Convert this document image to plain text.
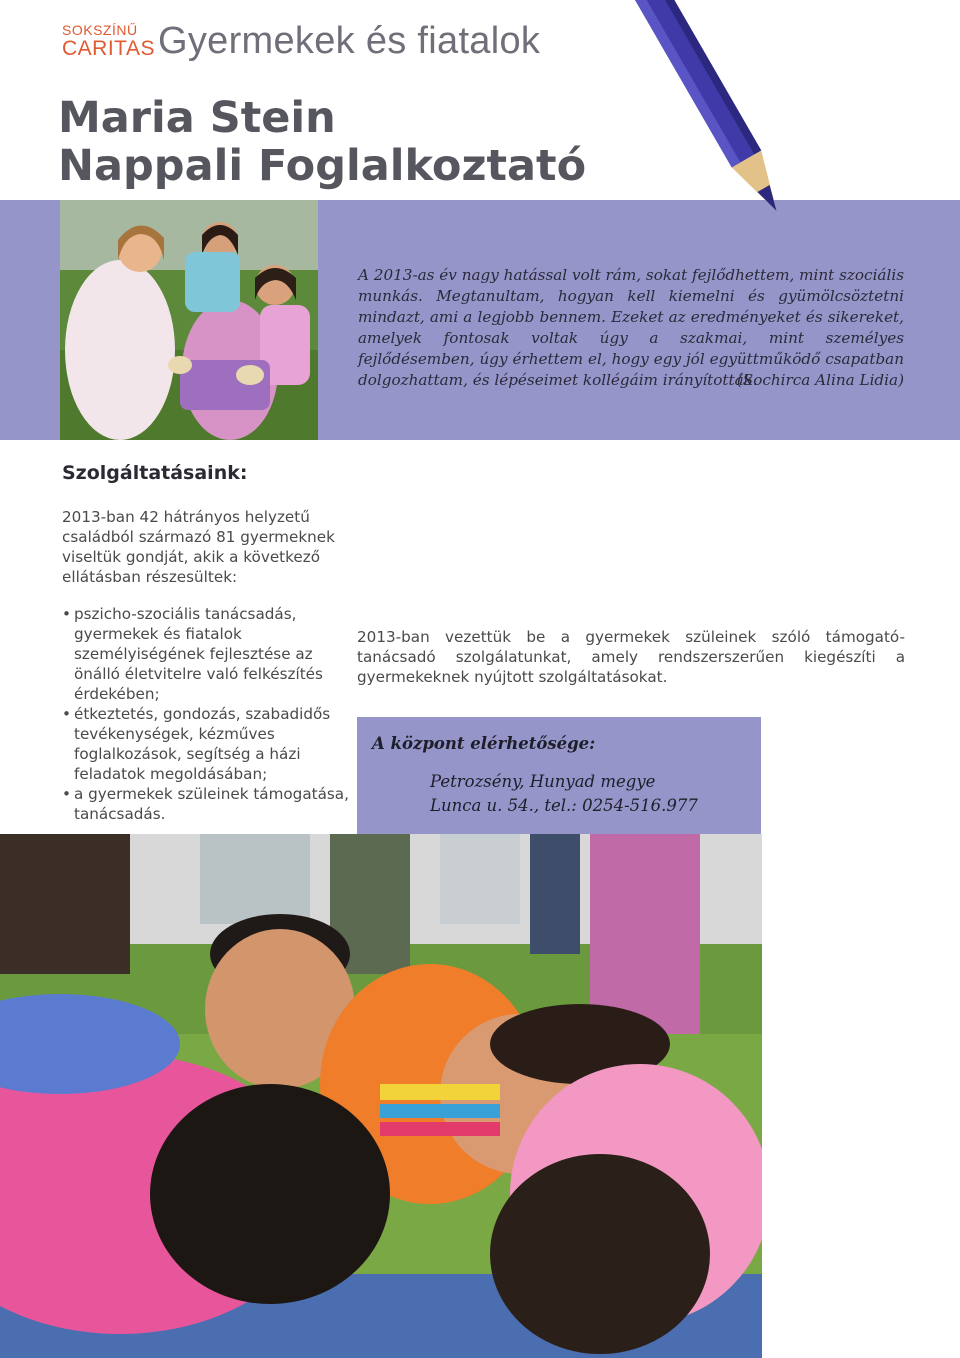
SOKSZÍNŰ
CARITAS Gyermekek és fiatalok
Maria Stein
Nappali Foglalkoztató
A 2013-as év nagy hatással volt rám, sokat fejlődhettem, mint szociális munkás. Megtanultam, hogyan kell kiemelni és gyümölcsöztetni mindazt, ami a legjobb bennem. Ezeket az eredményeket és sikereket, amelyek fontosak voltak úgy a szakmai, mint személyes fejlődésemben, úgy érhettem el, hogy egy jól együttműködő csapatban dolgozhattam, és lépéseimet kollégáim irányították.
(Sochirca Alina Lidia)
Szolgáltatásaink:
2013-ban 42 hátrányos helyzetű családból származó 81 gyermeknek viseltük gondját, akik a következő ellátásban részesültek:
• pszicho-szociális tanácsadás, gyermekek és fiatalok személyiségének fejlesztése az önálló életvitelre való felkészítés érdekében;
• étkeztetés, gondozás, szabadidős tevékenységek, kézműves foglalkozások, segítség a házi feladatok megoldásában;
• a gyermekek szüleinek támogatása, tanácsadás.
2013-ban vezettük be a gyermekek szüleinek szóló támogató-tanácsadó szolgálatunkat, amely rendszerszerűen kiegészíti a gyermekeknek nyújtott szolgáltatásokat.
A központ elérhetősége:
Petrozsény, Hunyad megye
Lunca u. 54., tel.: 0254-516.977
